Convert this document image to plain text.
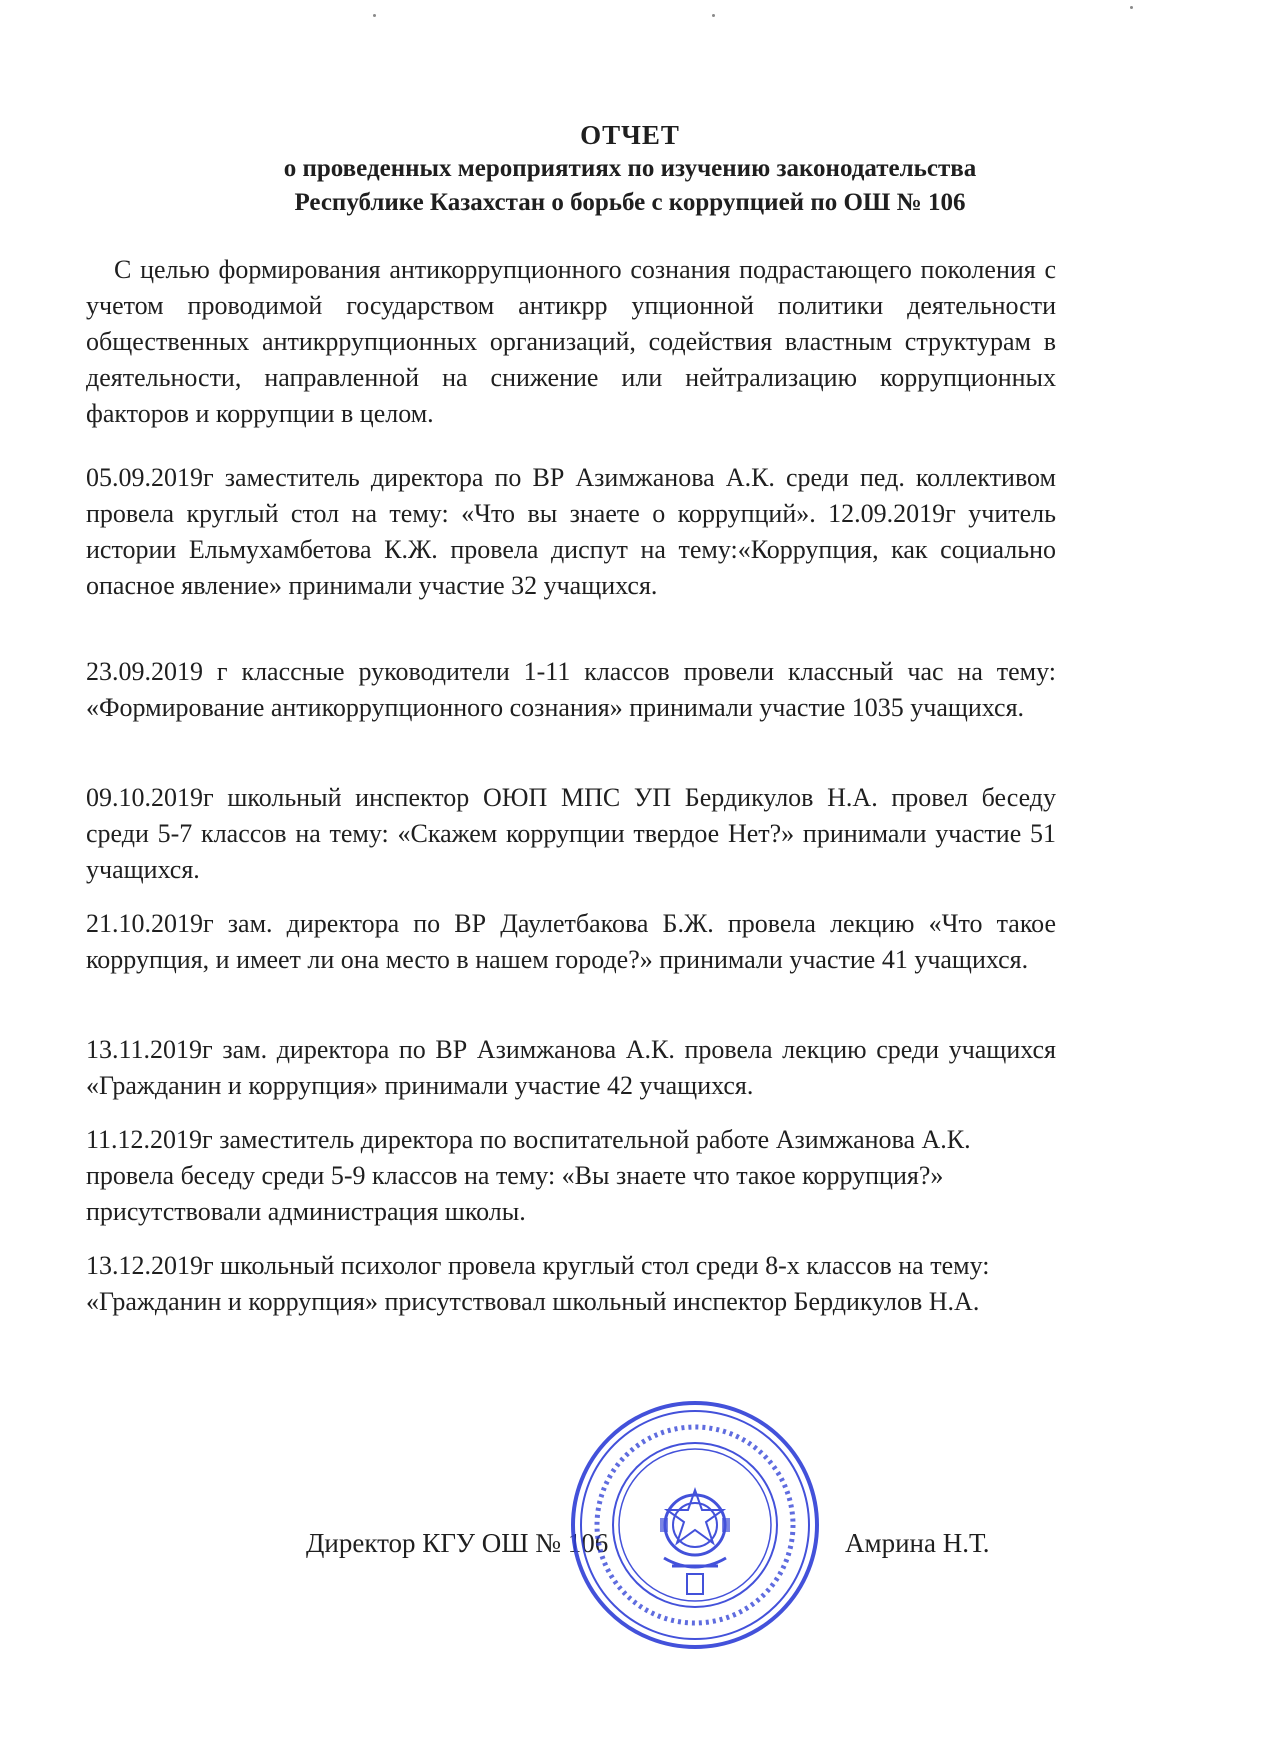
ОТЧЕТ
о проведенных мероприятиях по изучению законодательства
Республике Казахстан о борьбе с коррупцией по ОШ № 106

С целью формирования антикоррупционного сознания подрастающего поколения с учетом проводимой государством антикрр упционной политики деятельности общественных антикррупционных организаций, содействия властным структурам в деятельности, направленной на снижение или нейтрализацию коррупционных факторов и коррупции в целом.

05.09.2019г заместитель директора по ВР Азимжанова А.К. среди пед. коллективом провела круглый стол на тему: «Что вы знаете о коррупций». 12.09.2019г учитель истории Ельмухамбетова К.Ж. провела диспут на тему:«Коррупция, как социально опасное явление» принимали участие 32 учащихся.

23.09.2019 г классные руководители 1-11 классов провели классный час на тему: «Формирование антикоррупционного сознания» принимали участие 1035 учащихся.

09.10.2019г школьный инспектор ОЮП МПС УП Бердикулов Н.А. провел беседу среди 5-7 классов на тему: «Скажем коррупции твердое Нет?» принимали участие 51 учащихся.

21.10.2019г зам. директора по ВР Даулетбакова Б.Ж. провела лекцию «Что такое коррупция, и имеет ли она место в нашем городе?» принимали участие 41 учащихся.

13.11.2019г зам. директора по ВР Азимжанова А.К. провела лекцию среди учащихся «Гражданин и коррупция» принимали участие 42 учащихся.

11.12.2019г заместитель директора по воспитательной работе Азимжанова А.К. провела беседу среди 5-9 классов на тему: «Вы знаете что такое коррупция?» присутствовали администрация школы.

13.12.2019г школьный психолог провела круглый стол среди 8-х классов на тему: «Гражданин и коррупция» присутствовал школьный инспектор Бердикулов Н.А.

Директор КГУ ОШ № 106	Амрина Н.Т.
